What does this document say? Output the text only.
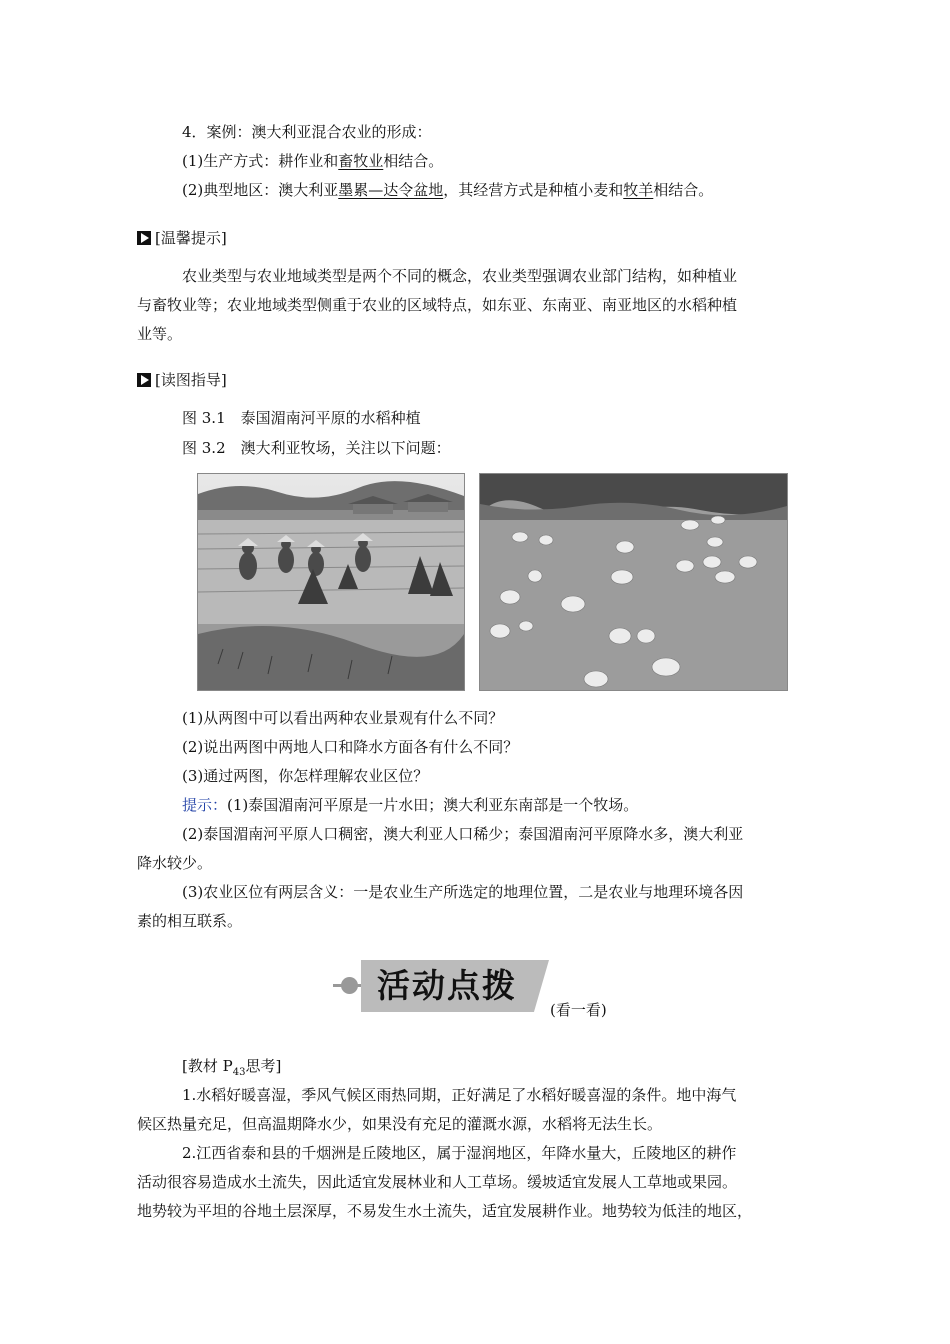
4．案例：澳大利亚混合农业的形成：
(1)生产方式：耕作业和畜牧业相结合。
(2)典型地区：澳大利亚墨累—达令盆地，其经营方式是种植小麦和牧羊相结合。
[温馨提示]
农业类型与农业地域类型是两个不同的概念，农业类型强调农业部门结构，如种植业
与畜牧业等；农业地域类型侧重于农业的区域特点，如东亚、东南亚、南亚地区的水稻种植
业等。
[读图指导]
图 3.1　泰国湄南河平原的水稻种植
图 3.2　澳大利亚牧场，关注以下问题：
(1)从两图中可以看出两种农业景观有什么不同？
(2)说出两图中两地人口和降水方面各有什么不同？
(3)通过两图，你怎样理解农业区位？
提示：(1)泰国湄南河平原是一片水田；澳大利亚东南部是一个牧场。
(2)泰国湄南河平原人口稠密，澳大利亚人口稀少；泰国湄南河平原降水多，澳大利亚
降水较少。
(3)农业区位有两层含义：一是农业生产所选定的地理位置，二是农业与地理环境各因
素的相互联系。
活动点拨
(看一看)
[教材 $P_{43}$思考]
1.水稻好暖喜湿，季风气候区雨热同期，正好满足了水稻好暖喜湿的条件。地中海气
候区热量充足，但高温期降水少，如果没有充足的灌溉水源，水稻将无法生长。
2.江西省泰和县的千烟洲是丘陵地区，属于湿润地区，年降水量大，丘陵地区的耕作
活动很容易造成水土流失，因此适宜发展林业和人工草场。缓坡适宜发展人工草地或果园。
地势较为平坦的谷地土层深厚，不易发生水土流失，适宜发展耕作业。地势较为低洼的地区，
